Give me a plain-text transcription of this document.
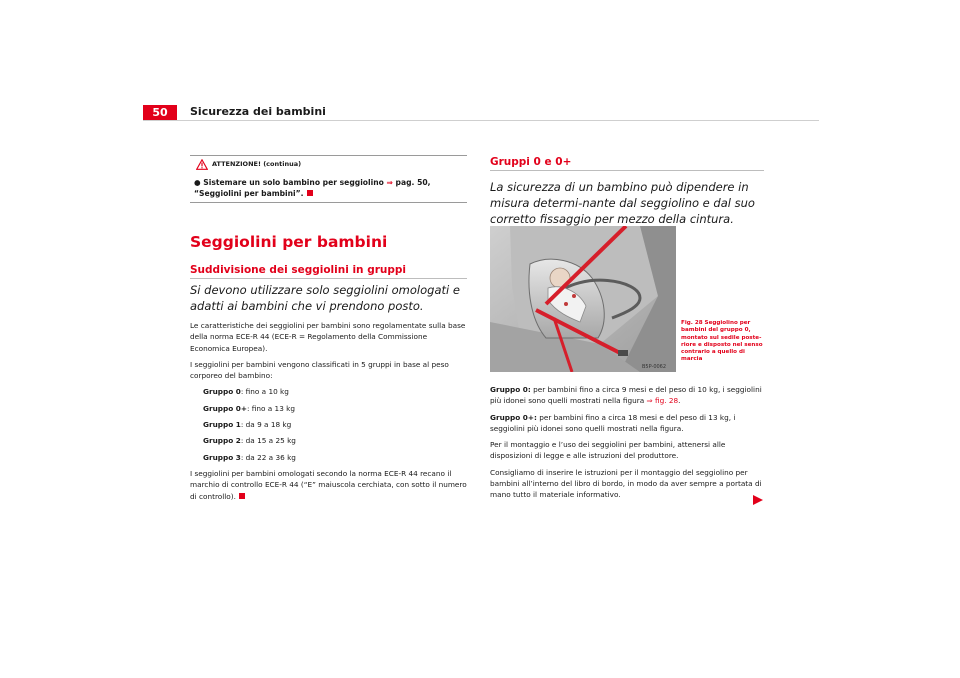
50	Sicurezza dei bambini
ATTENZIONE! (continua)
● Sistemare un solo bambino per seggiolino ⇒ pag. 50, “Seggiolini per bambini”.
Seggiolini per bambini
Suddivisione dei seggiolini in gruppi
Si devono utilizzare solo seggiolini omologati e adatti ai bambini che vi prendono posto.

Le caratteristiche dei seggiolini per bambini sono regolamentate sulla base della norma ECE-R 44 (ECE-R = Regolamento della Commissione Economica Europea).

I seggiolini per bambini vengono classificati in 5 gruppi in base al peso corporeo del bambino:

Gruppo 0: fino a 10 kg
Gruppo 0+: fino a 13 kg
Gruppo 1: da 9 a 18 kg
Gruppo 2: da 15 a 25 kg
Gruppo 3: da 22 a 36 kg

I seggiolini per bambini omologati secondo la norma ECE-R 44 recano il marchio di controllo ECE-R 44 (“E” maiuscola cerchiata, con sotto il numero di controllo).

Gruppi 0 e 0+
La sicurezza di un bambino può dipendere in misura determi-nante dal seggiolino e dal suo corretto fissaggio per mezzo della cintura.
B5P-0062
Fig. 28 Seggiolino per bambini del gruppo 0, montato sul sedile poste-riore e disposto nel senso contrario a quello di marcia

Gruppo 0: per bambini fino a circa 9 mesi e del peso di 10 kg, i seggiolini più idonei sono quelli mostrati nella figura ⇒ fig. 28.

Gruppo 0+: per bambini fino a circa 18 mesi e del peso di 13 kg, i seggiolini più idonei sono quelli mostrati nella figura.

Per il montaggio e l’uso dei seggiolini per bambini, attenersi alle disposizioni di legge e alle istruzioni del produttore.

Consigliamo di inserire le istruzioni per il montaggio del seggiolino per bambini all’interno del libro di bordo, in modo da aver sempre a portata di mano tutto il materiale informativo.
